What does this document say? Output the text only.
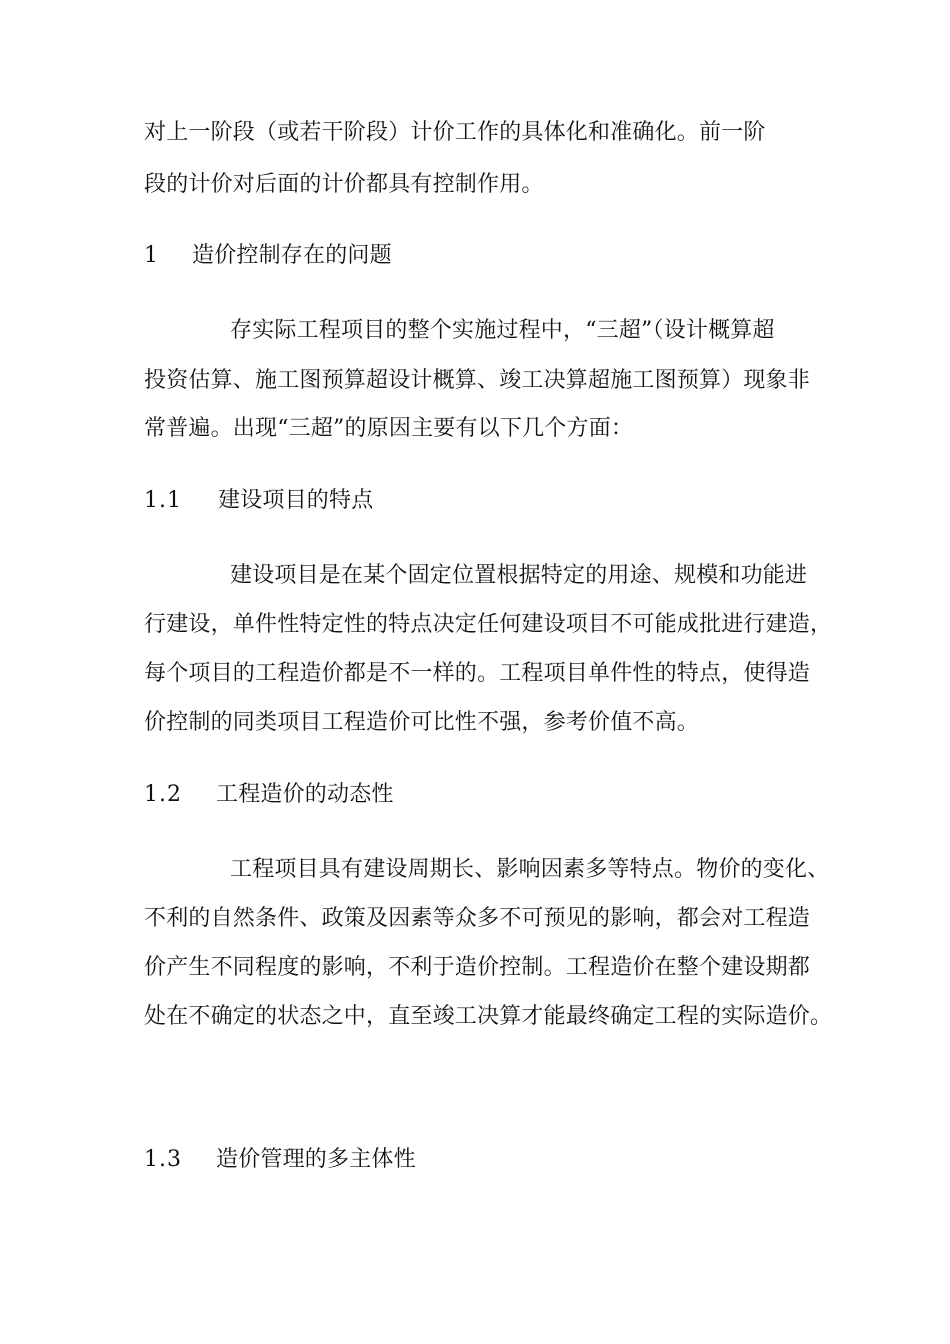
对上一阶段（或若干阶段）计价工作的具体化和准确化。前一阶
段的计价对后面的计价都具有控制作用。
1 造价控制存在的问题
存实际工程项目的整个实施过程中，“三超”（设计概算超
投资估算、施工图预算超设计概算、竣工决算超施工图预算）现象非
常普遍。出现“三超”的原因主要有以下几个方面：
1.1 建设项目的特点
建设项目是在某个固定位置根据特定的用途、规模和功能进
行建设，单件性特定性的特点决定任何建设项目不可能成批进行建造，
每个项目的工程造价都是不一样的。工程项目单件性的特点，使得造
价控制的同类项目工程造价可比性不强，参考价值不高。
1.2 工程造价的动态性
工程项目具有建设周期长、影响因素多等特点。物价的变化、
不利的自然条件、政策及因素等众多不可预见的影响，都会对工程造
价产生不同程度的影响，不利于造价控制。工程造价在整个建设期都
处在不确定的状态之中，直至竣工决算才能最终确定工程的实际造价。
1.3 造价管理的多主体性
